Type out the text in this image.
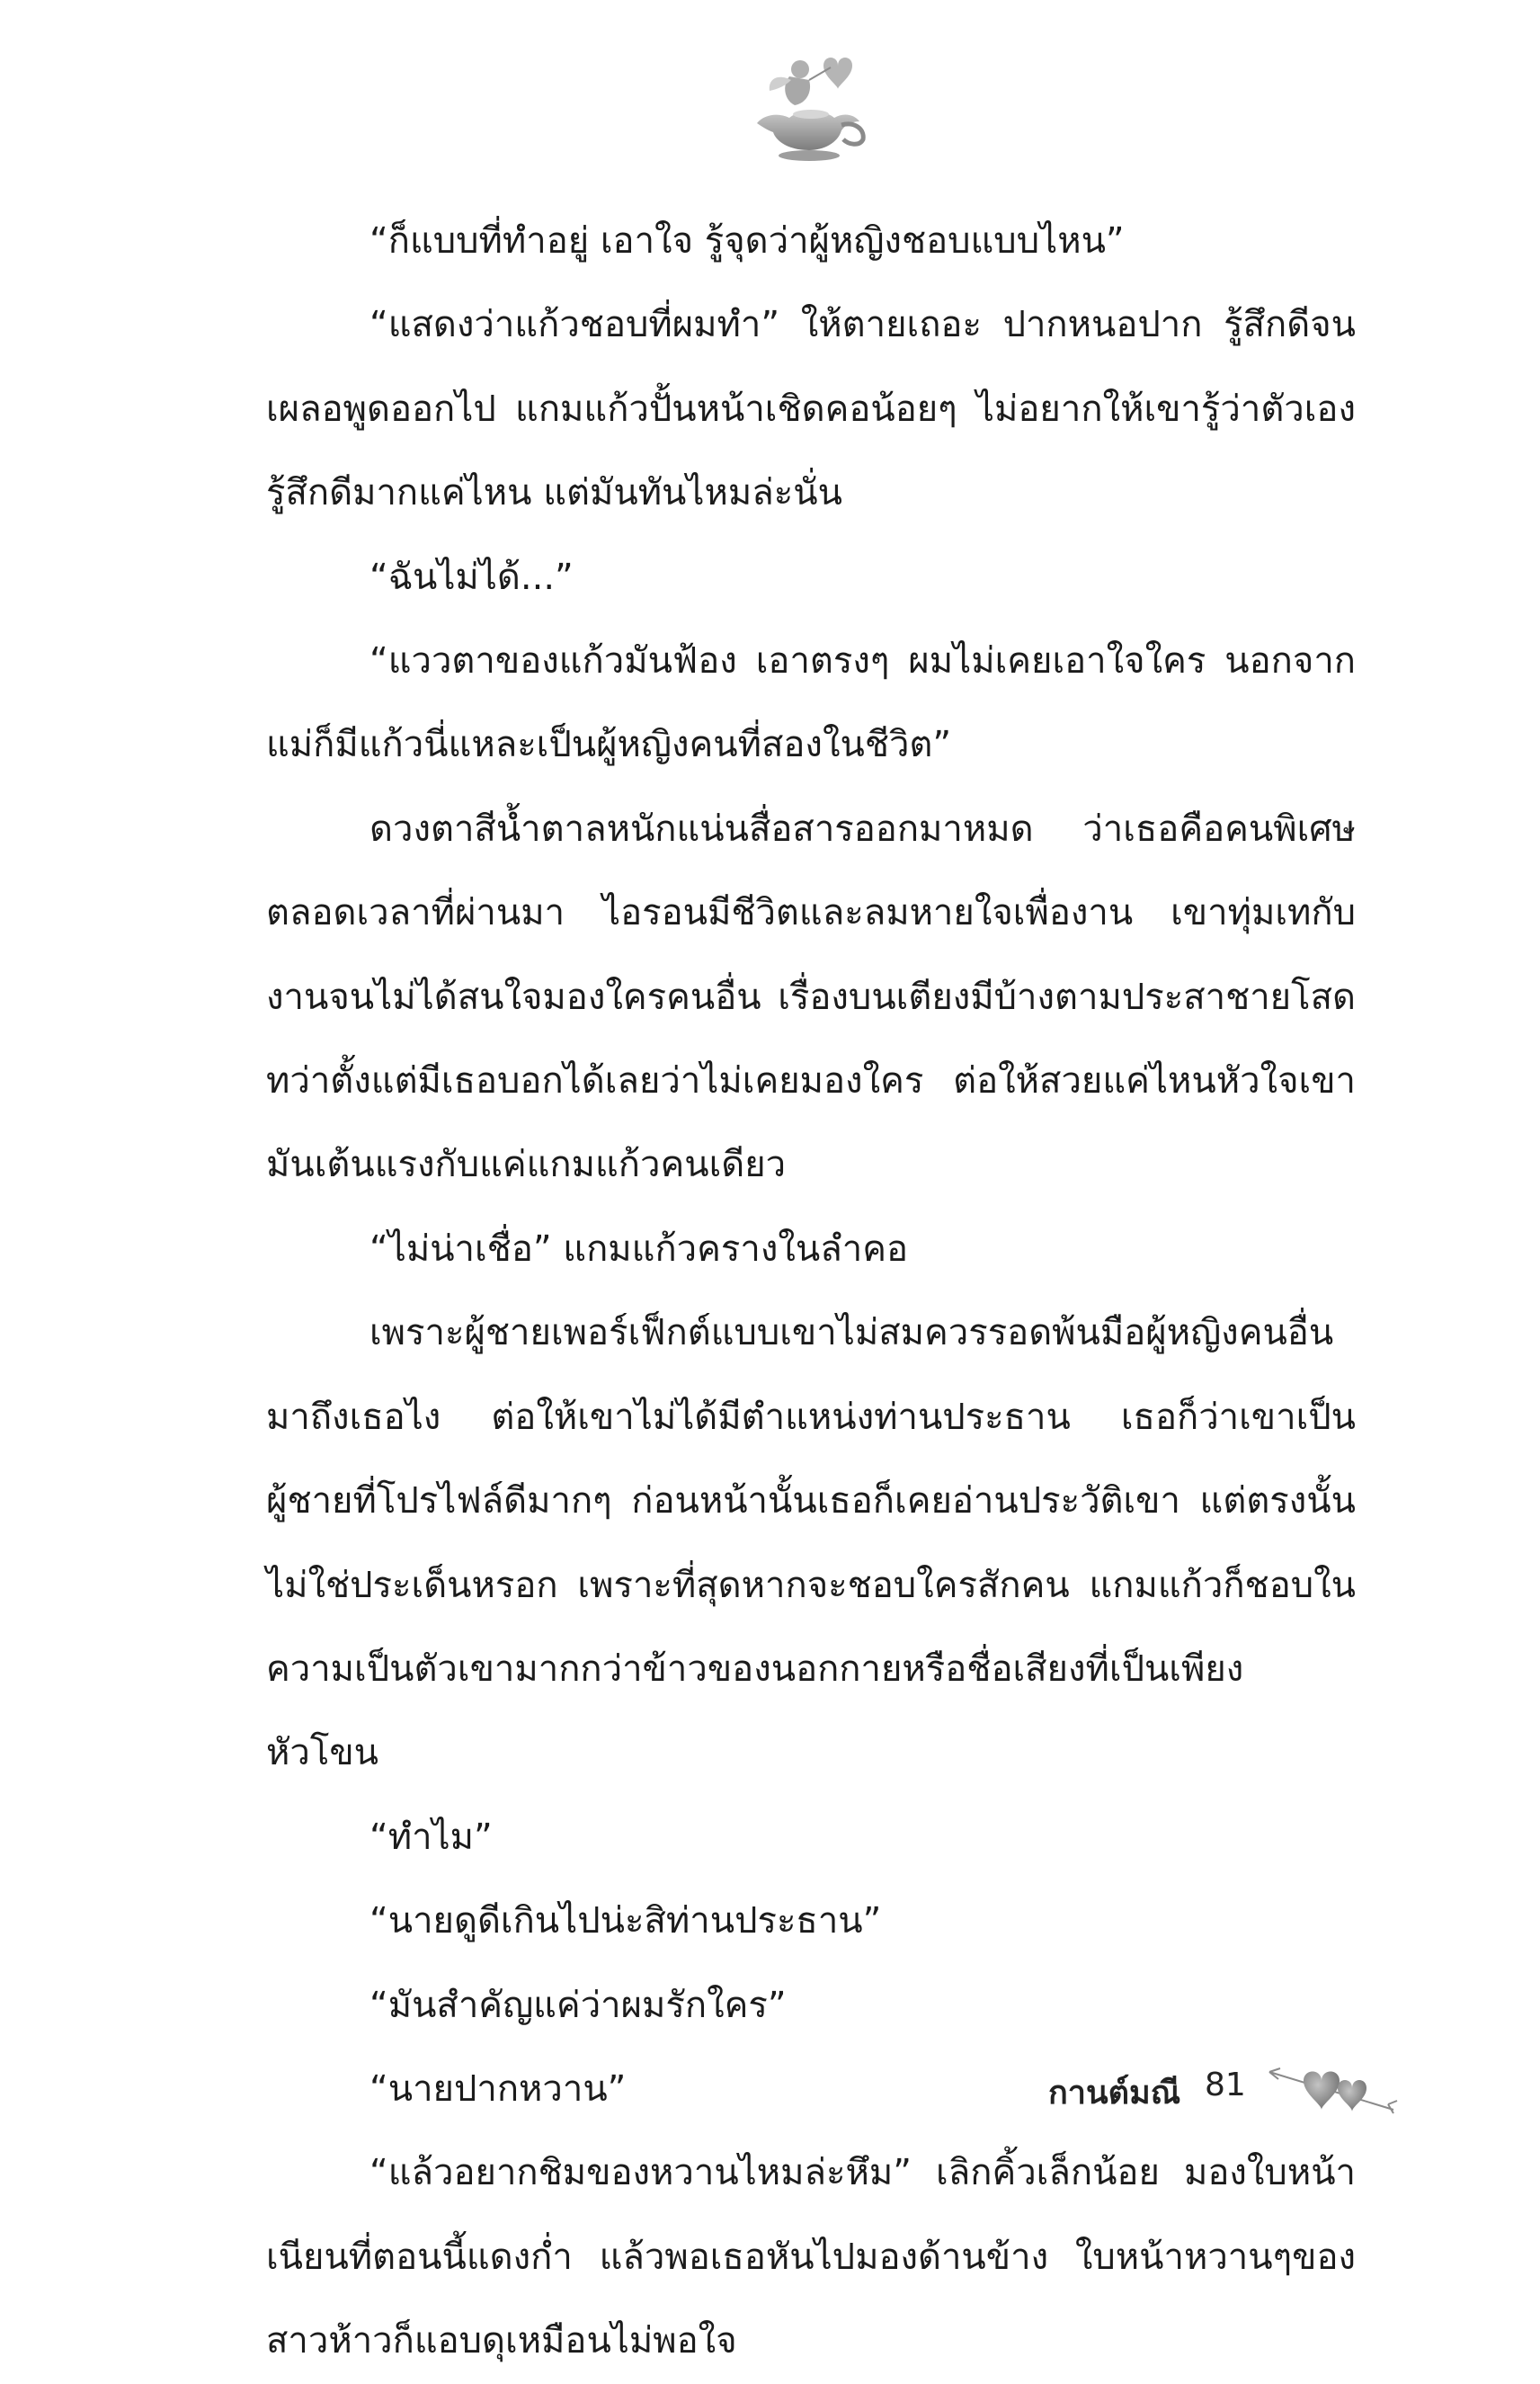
“ก็แบบที่ทำอยู่ เอาใจ รู้จุดว่าผู้หญิงชอบแบบไหน”

“แสดงว่าแก้วชอบที่ผมทำ” ให้ตายเถอะ ปากหนอปาก รู้สึกดีจนเผลอพูดออกไป แกมแก้วปั้นหน้าเชิดคอน้อยๆ ไม่อยากให้เขารู้ว่าตัวเองรู้สึกดีมากแค่ไหน แต่มันทันไหมล่ะนั่น

“ฉันไม่ได้...”

“แววตาของแก้วมันฟ้อง เอาตรงๆ ผมไม่เคยเอาใจใคร นอกจากแม่ก็มีแก้วนี่แหละเป็นผู้หญิงคนที่สองในชีวิต”

ดวงตาสีน้ำตาลหนักแน่นสื่อสารออกมาหมด ว่าเธอคือคนพิเศษตลอดเวลาที่ผ่านมา ไอรอนมีชีวิตและลมหายใจเพื่องาน เขาทุ่มเทกับงานจนไม่ได้สนใจมองใครคนอื่น เรื่องบนเตียงมีบ้างตามประสาชายโสด ทว่าตั้งแต่มีเธอบอกได้เลยว่าไม่เคยมองใคร ต่อให้สวยแค่ไหนหัวใจเขามันเต้นแรงกับแค่แกมแก้วคนเดียว

“ไม่น่าเชื่อ” แกมแก้วครางในลำคอ

เพราะผู้ชายเพอร์เฟ็กต์แบบเขาไม่สมควรรอดพ้นมือผู้หญิงคนอื่นมาถึงเธอไง ต่อให้เขาไม่ได้มีตำแหน่งท่านประธาน เธอก็ว่าเขาเป็นผู้ชายที่โปรไฟล์ดีมากๆ ก่อนหน้านั้นเธอก็เคยอ่านประวัติเขา แต่ตรงนั้นไม่ใช่ประเด็นหรอก เพราะที่สุดหากจะชอบใครสักคน แกมแก้วก็ชอบในความเป็นตัวเขามากกว่าข้าวของนอกกายหรือชื่อเสียงที่เป็นเพียงหัวโขน

“ทำไม”

“นายดูดีเกินไปน่ะสิท่านประธาน”

“มันสำคัญแค่ว่าผมรักใคร”

“นายปากหวาน”

“แล้วอยากชิมของหวานไหมล่ะหึม” เลิกคิ้วเล็กน้อย มองใบหน้าเนียนที่ตอนนี้แดงก่ำ แล้วพอเธอหันไปมองด้านข้าง ใบหน้าหวานๆของสาวห้าวก็แอบดุเหมือนไม่พอใจ

กานต์มณี 81
